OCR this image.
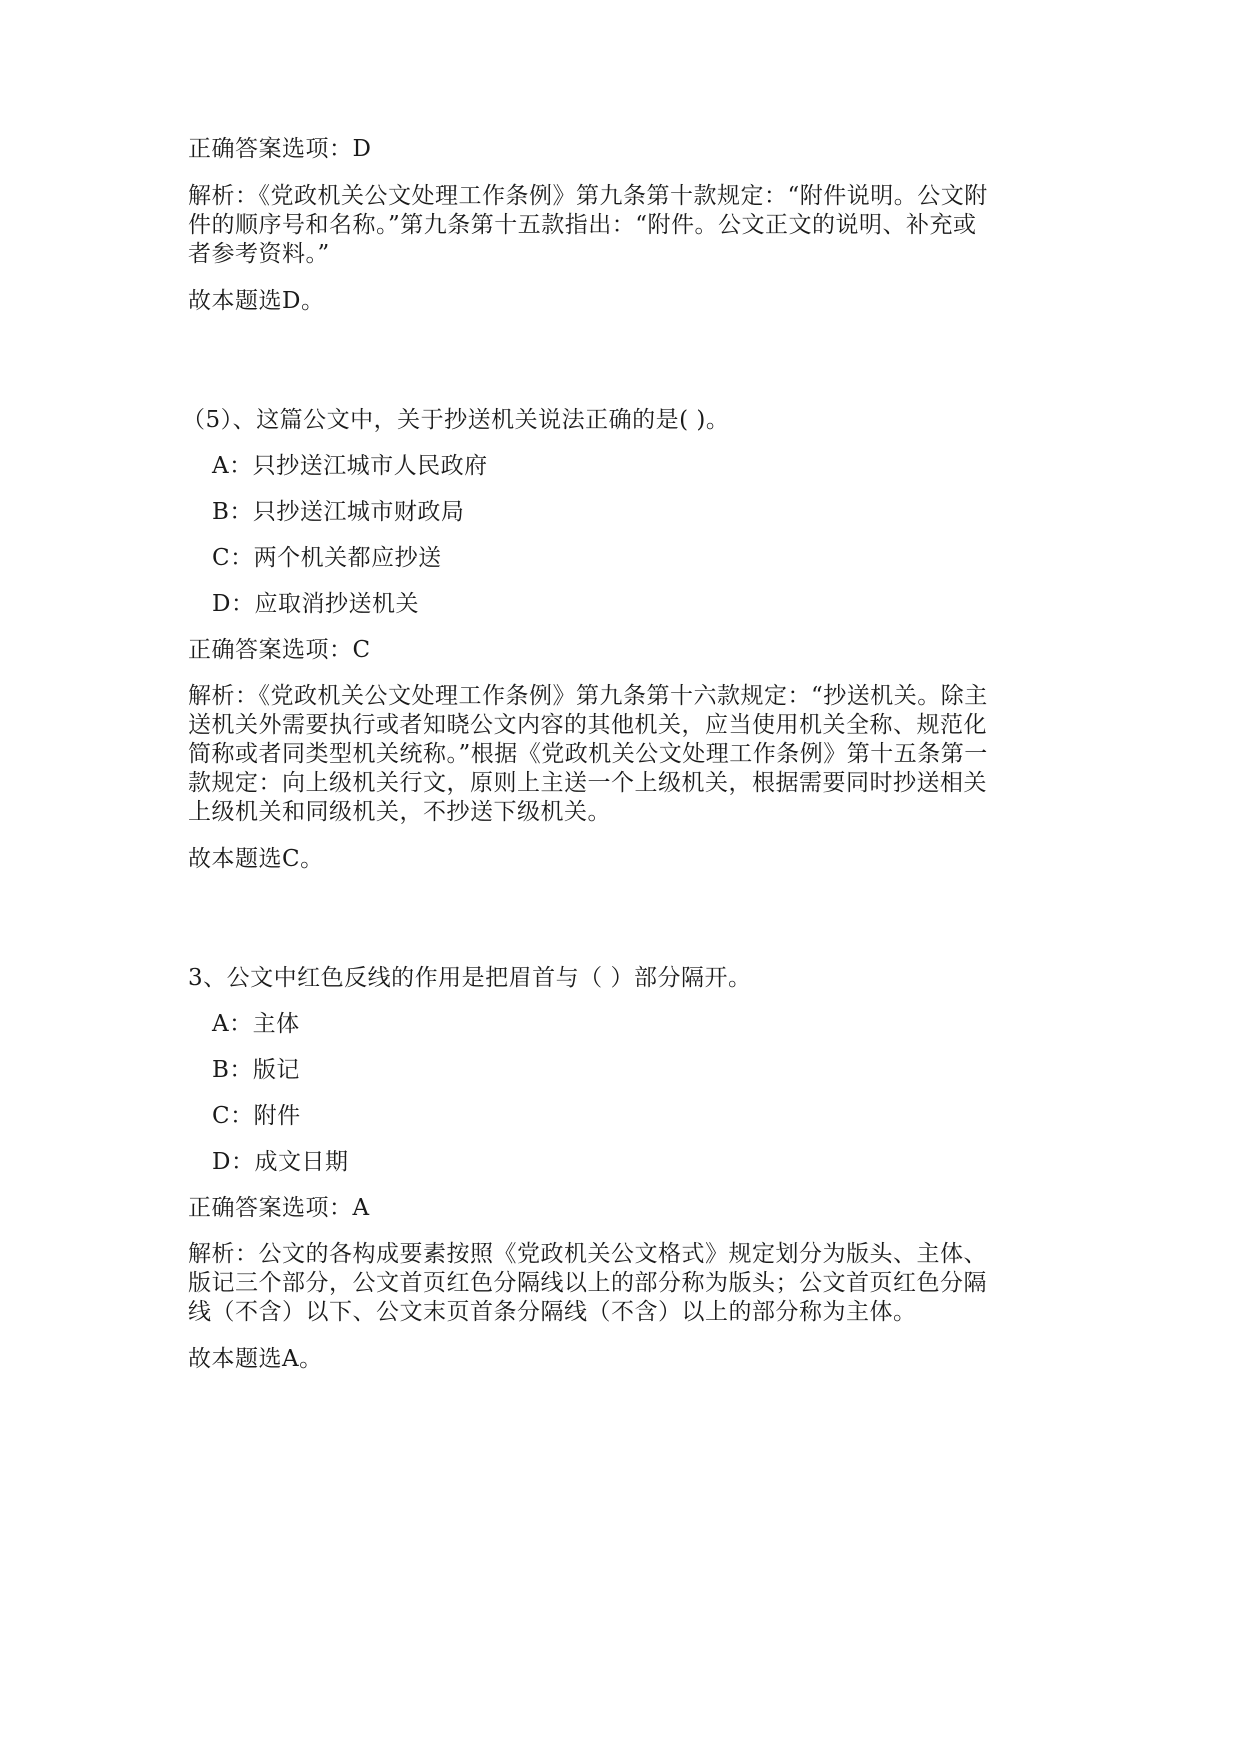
正确答案选项：D
解析：《党政机关公文处理工作条例》第九条第十款规定：“附件说明。公文附
件的顺序号和名称。”第九条第十五款指出：“附件。公文正文的说明、补充或
者参考资料。”
故本题选D。
（5）、这篇公文中，关于抄送机关说法正确的是( )。
A：只抄送江城市人民政府
B：只抄送江城市财政局
C：两个机关都应抄送
D：应取消抄送机关
正确答案选项：C
解析：《党政机关公文处理工作条例》第九条第十六款规定：“抄送机关。除主
送机关外需要执行或者知晓公文内容的其他机关，应当使用机关全称、规范化
简称或者同类型机关统称。”根据《党政机关公文处理工作条例》第十五条第一
款规定：向上级机关行文，原则上主送一个上级机关，根据需要同时抄送相关
上级机关和同级机关，不抄送下级机关。
故本题选C。
3、公文中红色反线的作用是把眉首与（ ）部分隔开。
A：主体
B：版记
C：附件
D：成文日期
正确答案选项：A
解析：公文的各构成要素按照《党政机关公文格式》规定划分为版头、主体、
版记三个部分，公文首页红色分隔线以上的部分称为版头；公文首页红色分隔
线（不含）以下、公文末页首条分隔线（不含）以上的部分称为主体。
故本题选A。
